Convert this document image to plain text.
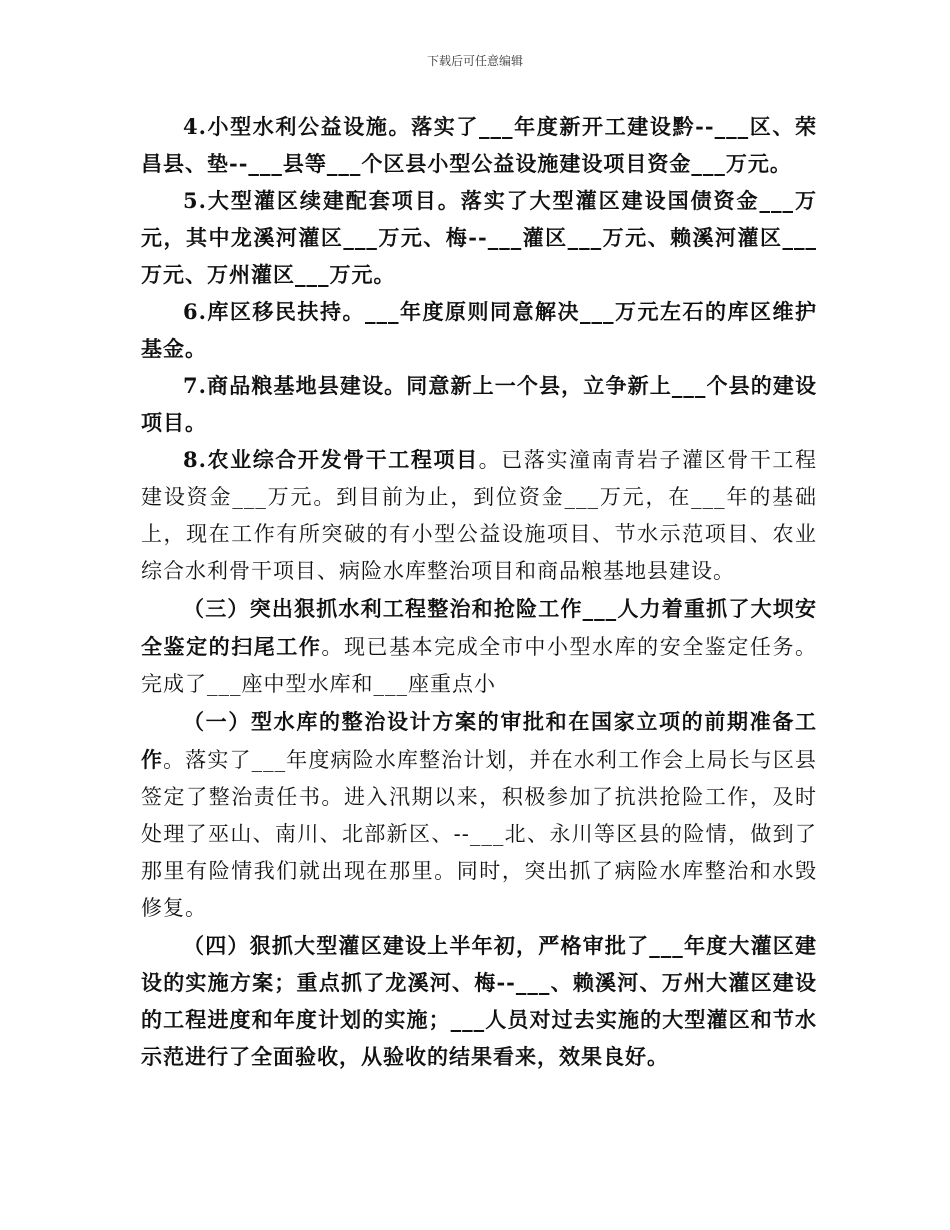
下载后可任意编辑

4.小型水利公益设施。落实了___年度新开工建设黔--___区、荣昌县、垫--___县等___个区县小型公益设施建设项目资金___万元。

5.大型灌区续建配套项目。落实了大型灌区建设国债资金___万元，其中龙溪河灌区___万元、梅--___灌区___万元、赖溪河灌区___万元、万州灌区___万元。

6.库区移民扶持。___年度原则同意解决___万元左石的库区维护基金。

7.商品粮基地县建设。同意新上一个县，立争新上___个县的建设项目。

8.农业综合开发骨干工程项目。已落实潼南青岩子灌区骨干工程建设资金___万元。到目前为止，到位资金___万元，在___年的基础上，现在工作有所突破的有小型公益设施项目、节水示范项目、农业综合水利骨干项目、病险水库整治项目和商品粮基地县建设。

（三）突出狠抓水利工程整治和抢险工作___人力着重抓了大坝安全鉴定的扫尾工作。现已基本完成全市中小型水库的安全鉴定任务。完成了___座中型水库和___座重点小

（一）型水库的整治设计方案的审批和在国家立项的前期准备工作。落实了___年度病险水库整治计划，并在水利工作会上局长与区县签定了整治责任书。进入汛期以来，积极参加了抗洪抢险工作，及时处理了巫山、南川、北部新区、--___北、永川等区县的险情，做到了那里有险情我们就出现在那里。同时，突出抓了病险水库整治和水毁修复。

（四）狠抓大型灌区建设上半年初，严格审批了___年度大灌区建设的实施方案；重点抓了龙溪河、梅--___、赖溪河、万州大灌区建设的工程进度和年度计划的实施；___人员对过去实施的大型灌区和节水示范进行了全面验收，从验收的结果看来，效果良好。
